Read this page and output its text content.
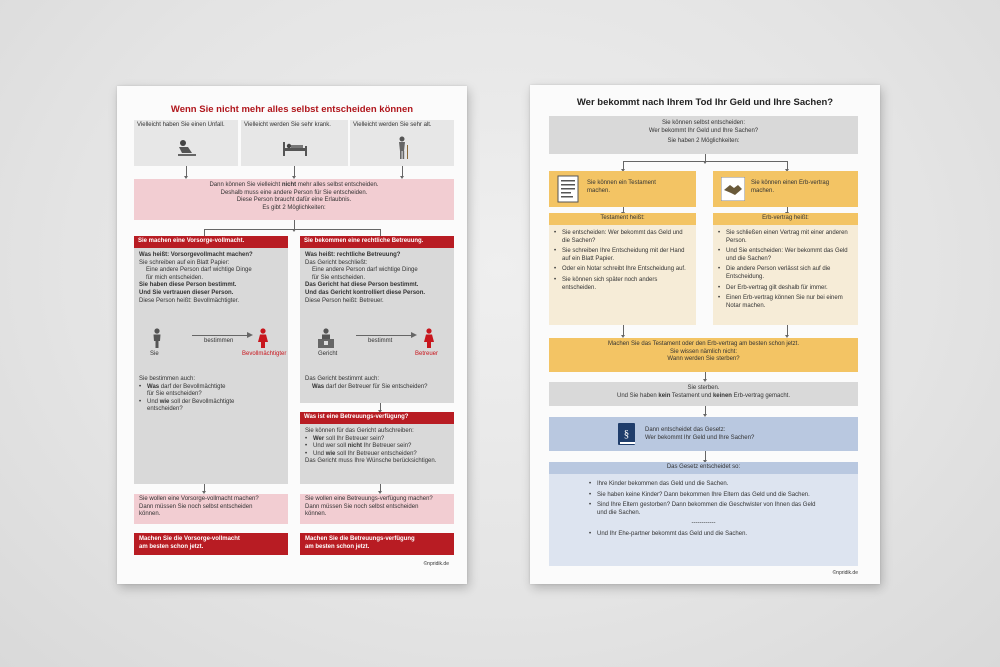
Wenn Sie nicht mehr alles selbst entscheiden können
Vielleicht haben Sie einen Unfall.	Vielleicht werden Sie sehr krank.	Vielleicht werden Sie sehr alt.
Dann können Sie vielleicht nicht mehr alles selbst entscheiden.
Deshalb muss eine andere Person für Sie entscheiden.
Diese Person braucht dafür eine Erlaubnis.
Es gibt 2 Möglichkeiten:
Sie machen eine Vorsorge-vollmacht.
Was heißt: Vorsorgevollmacht machen?
Sie schreiben auf ein Blatt Papier:
Eine andere Person darf wichtige Dinge
für mich entscheiden.
Sie haben diese Person bestimmt.
Und Sie vertrauen dieser Person.
Diese Person heißt: Bevollmächtigter.
Sie
bestimmen
Bevollmächtigter
Sie bestimmen auch:
• Was darf der Bevollmächtigte
für Sie entscheiden?
• Und wie soll der Bevollmächtigte
entscheiden?
Sie wollen eine Vorsorge-vollmacht machen?
Dann müssen Sie noch selbst entscheiden
können.
Machen Sie die Vorsorge-vollmacht
am besten schon jetzt.
Sie bekommen eine rechtliche Betreuung.
Was heißt: rechtliche Betreuung?
Das Gericht beschließt:
Eine andere Person darf wichtige Dinge
für Sie entscheiden.
Das Gericht hat diese Person bestimmt.
Und das Gericht kontrolliert diese Person.
Diese Person heißt: Betreuer.
Gericht
bestimmt
Betreuer
Das Gericht bestimmt auch:
Was darf der Betreuer für Sie entscheiden?
Was ist eine Betreuungs-verfügung?
Sie können für das Gericht aufschreiben:
• Wer soll Ihr Betreuer sein?
• Und wer soll nicht Ihr Betreuer sein?
• Und wie soll Ihr Betreuer entscheiden?
Das Gericht muss Ihre Wünsche berücksichtigen.
Sie wollen eine Betreuungs-verfügung machen?
Dann müssen Sie noch selbst entscheiden
können.
Machen Sie die Betreuungs-verfügung
am besten schon jetzt.
©npridik.de
Wer bekommt nach Ihrem Tod Ihr Geld und Ihre Sachen?
Sie können selbst entscheiden:
Wer bekommt Ihr Geld und Ihre Sachen?
Sie haben 2 Möglichkeiten:
Sie können ein Testament machen.
Sie können einen Erb-vertrag machen.
Testament heißt:
• Sie entscheiden: Wer bekommt das Geld und die Sachen?
• Sie schreiben Ihre Entscheidung mit der Hand auf ein Blatt Papier.
• Oder ein Notar schreibt Ihre Entscheidung auf.
• Sie können sich später noch anders entscheiden.
Erb-vertrag heißt:
• Sie schließen einen Vertrag mit einer anderen Person.
• Und Sie entscheiden: Wer bekommt das Geld und die Sachen?
• Die andere Person verlässt sich auf die Entscheidung.
• Der Erb-vertrag gilt deshalb für immer.
• Einen Erb-vertrag können Sie nur bei einem Notar machen.
Machen Sie das Testament oder den Erb-vertrag am besten schon jetzt.
Sie wissen nämlich nicht:
Wann werden Sie sterben?
Sie sterben.
Und Sie haben kein Testament und keinen Erb-vertrag gemacht.
§	Dann entscheidet das Gesetz:
Wer bekommt Ihr Geld und Ihre Sachen?
Das Gesetz entscheidet so:
• Ihre Kinder bekommen das Geld und die Sachen.
• Sie haben keine Kinder? Dann bekommen Ihre Eltern das Geld und die Sachen.
• Sind Ihre Eltern gestorben? Dann bekommen die Geschwister von Ihnen das Geld und die Sachen.
------------
• Und Ihr Ehe-partner bekommt das Geld und die Sachen.
©npridik.de
